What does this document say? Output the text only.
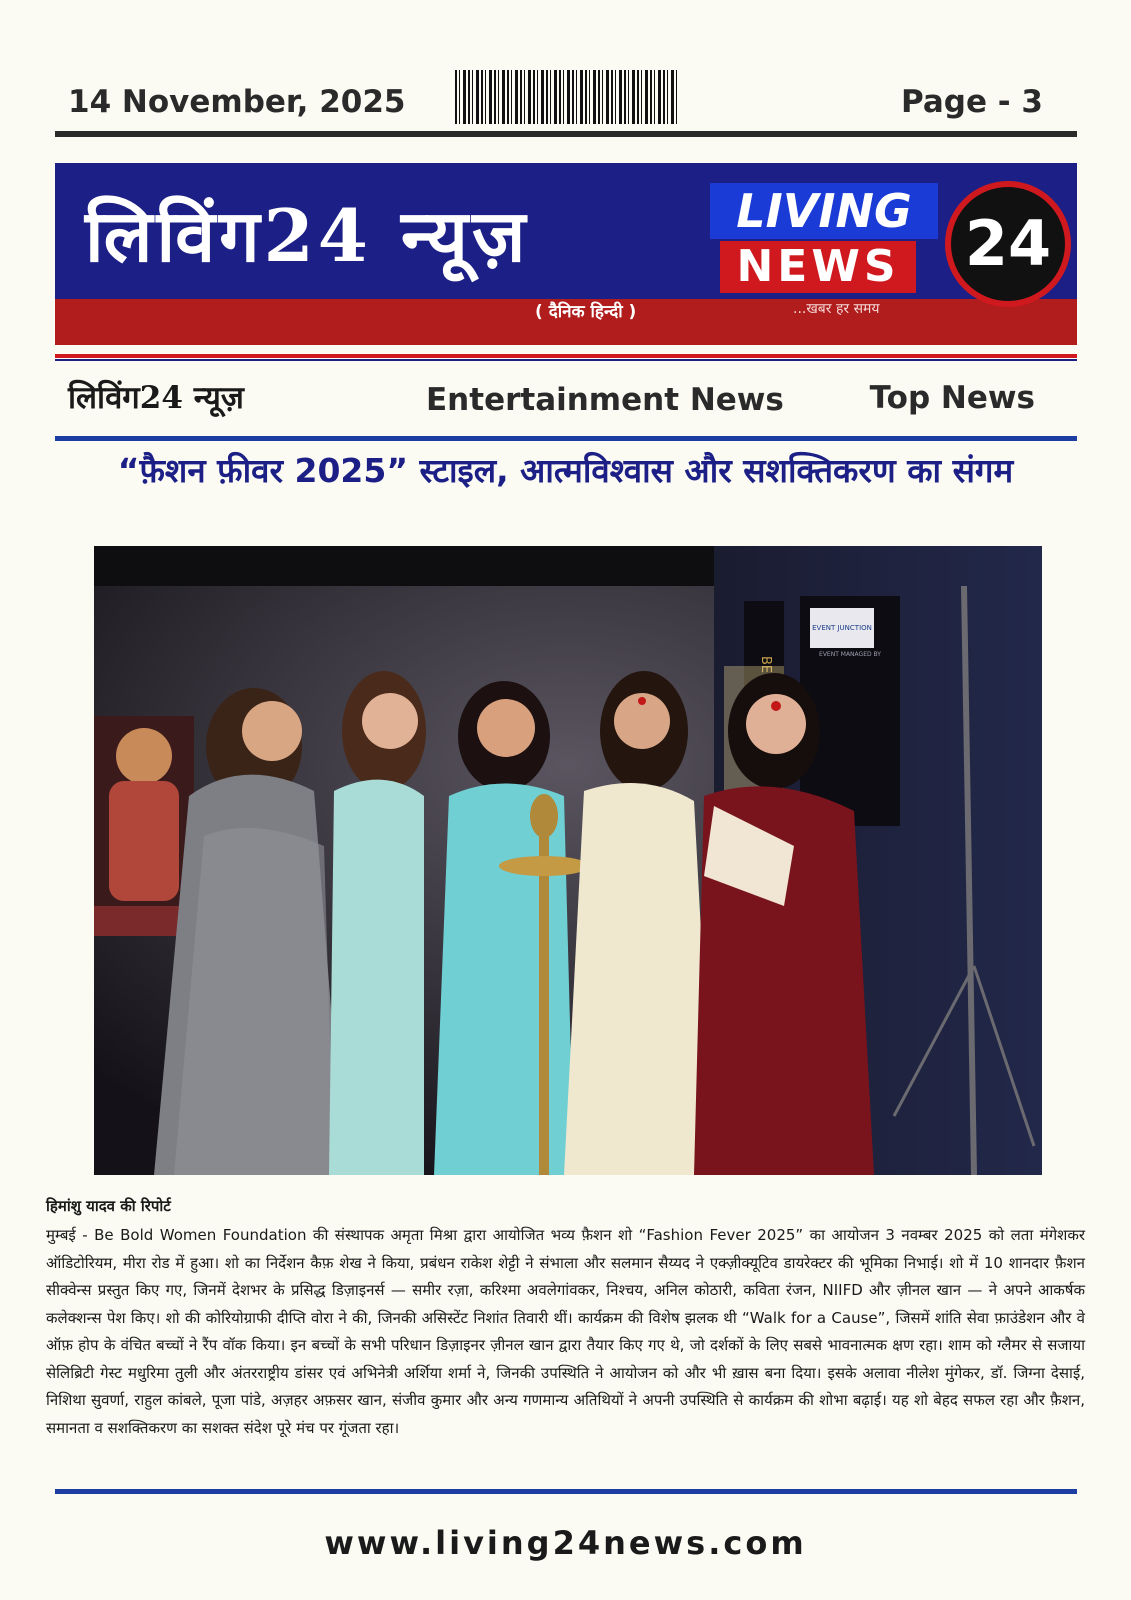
14 November, 2025	Page - 3
लिविंग24 न्यूज़
( दैनिक हिन्दी )
LIVING
NEWS	24
...खबर हर समय
लिविंग24 न्यूज़	Entertainment News	Top News
“फ़ैशन फ़ीवर 2025” स्टाइल, आत्मविश्वास और सशक्तिकरण का संगम
EVENT JUNCTION
EVENT MANAGED BY
हिमांशु यादव की रिपोर्ट
मुम्बई - Be Bold Women Foundation की संस्थापक अमृता मिश्रा द्वारा आयोजित भव्य फ़ैशन शो “Fashion Fever 2025” का आयोजन 3 नवम्बर 2025 को लता मंगेशकर ऑडिटोरियम, मीरा रोड में हुआ। शो का निर्देशन कैफ़ शेख ने किया, प्रबंधन राकेश शेट्टी ने संभाला और सलमान सैय्यद ने एक्ज़ीक्यूटिव डायरेक्टर की भूमिका निभाई। शो में 10 शानदार फ़ैशन सीक्वेन्स प्रस्तुत किए गए, जिनमें देशभर के प्रसिद्ध डिज़ाइनर्स — समीर रज़ा, करिश्मा अवलेगांवकर, निश्चय, अनिल कोठारी, कविता रंजन, NIIFD और ज़ीनल खान — ने अपने आकर्षक कलेक्शन्स पेश किए। शो की कोरियोग्राफी दीप्ति वोरा ने की, जिनकी असिस्टेंट निशांत तिवारी थीं। कार्यक्रम की विशेष झलक थी “Walk for a Cause”, जिसमें शांति सेवा फ़ाउंडेशन और वे ऑफ़ होप के वंचित बच्चों ने रैंप वॉक किया। इन बच्चों के सभी परिधान डिज़ाइनर ज़ीनल खान द्वारा तैयार किए गए थे, जो दर्शकों के लिए सबसे भावनात्मक क्षण रहा। शाम को ग्लैमर से सजाया सेलिब्रिटी गेस्ट मधुरिमा तुली और अंतरराष्ट्रीय डांसर एवं अभिनेत्री अर्शिया शर्मा ने, जिनकी उपस्थिति ने आयोजन को और भी ख़ास बना दिया। इसके अलावा नीलेश मुंगेकर, डॉ. जिग्ना देसाई, निशिथा सुवर्णा, राहुल कांबले, पूजा पांडे, अज़हर अफ़सर खान, संजीव कुमार और अन्य गणमान्य अतिथियों ने अपनी उपस्थिति से कार्यक्रम की शोभा बढ़ाई। यह शो बेहद सफल रहा और फ़ैशन, समानता व सशक्तिकरण का सशक्त संदेश पूरे मंच पर गूंजता रहा।
www.living24news.com
